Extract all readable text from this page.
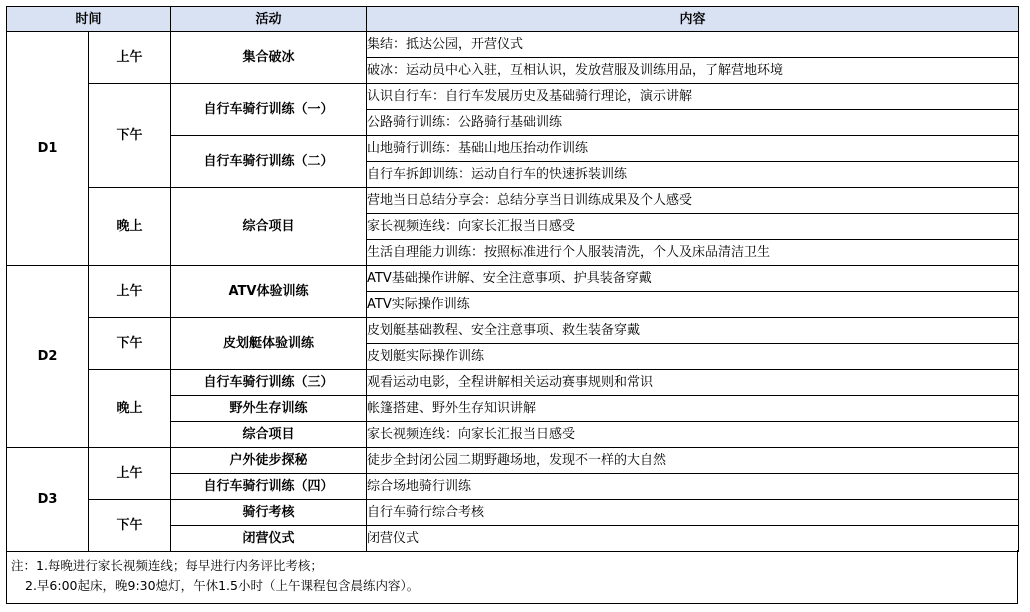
时间		活动	内容
D1	上午	集合破冰	集结：抵达公园，开营仪式
			破冰：运动员中心入驻，互相认识，发放营服及训练用品，了解营地环境
	下午	自行车骑行训练（一）	认识自行车：自行车发展历史及基础骑行理论，演示讲解
			公路骑行训练：公路骑行基础训练
		自行车骑行训练（二）	山地骑行训练：基础山地压抬动作训练
			自行车拆卸训练：运动自行车的快速拆装训练
	晚上	综合项目	营地当日总结分享会：总结分享当日训练成果及个人感受
			家长视频连线：向家长汇报当日感受
			生活自理能力训练：按照标准进行个人服装清洗，个人及床品清洁卫生
D2	上午	ATV体验训练	ATV基础操作讲解、安全注意事项、护具装备穿戴
			ATV实际操作训练
	下午	皮划艇体验训练	皮划艇基础教程、安全注意事项、救生装备穿戴
			皮划艇实际操作训练
	晚上	自行车骑行训练（三）	观看运动电影，全程讲解相关运动赛事规则和常识
		野外生存训练	帐篷搭建、野外生存知识讲解
		综合项目	家长视频连线：向家长汇报当日感受
D3	上午	户外徒步探秘	徒步全封闭公园二期野趣场地，发现不一样的大自然
		自行车骑行训练（四）	综合场地骑行训练
	下午	骑行考核	自行车骑行综合考核
		闭营仪式	闭营仪式
注：1.每晚进行家长视频连线；每早进行内务评比考核；
2.早6:00起床，晚9:30熄灯，午休1.5小时（上午课程包含晨练内容）。
